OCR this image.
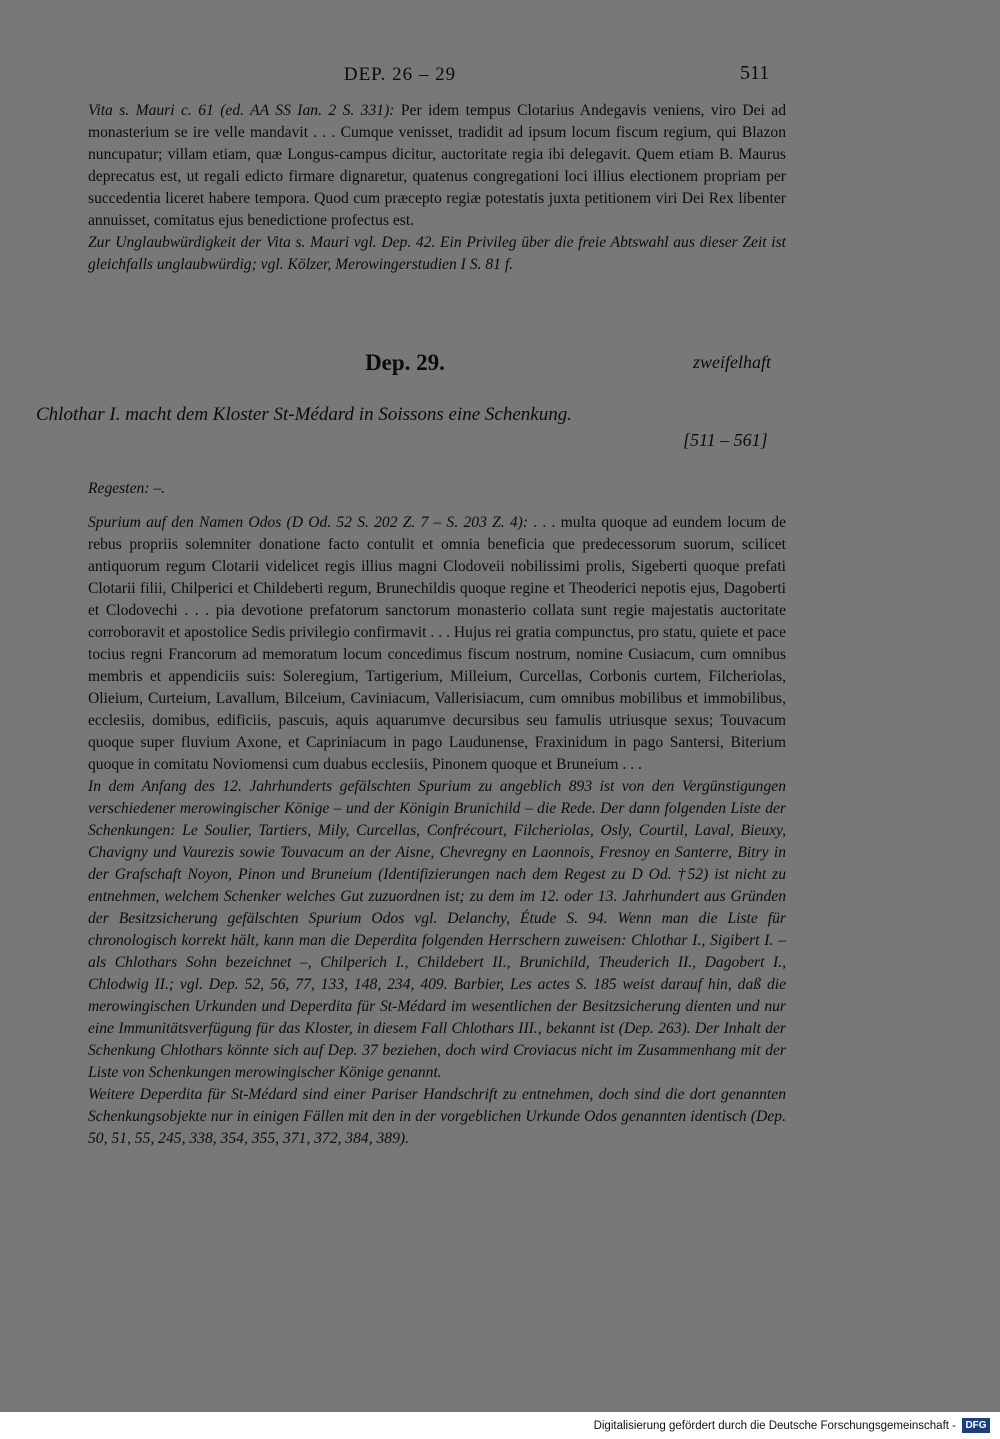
DEP. 26 – 29	511

Vita s. Mauri c. 61 (ed. AA SS Ian. 2 S. 331): Per idem tempus Clotarius Andegavis veniens, viro Dei ad monasterium se ire velle mandavit . . . Cumque venisset, tradidit ad ipsum locum fiscum regium, qui Blazon nuncupatur; villam etiam, quæ Longus-campus dicitur, auctoritate regia ibi delegavit. Quem etiam B. Maurus deprecatus est, ut regali edicto firmare dignaretur, quatenus congregationi loci illius electionem propriam per succedentia liceret habere tempora. Quod cum præcepto regiæ potestatis juxta petitionem viri Dei Rex libenter annuisset, comitatus ejus benedictione profectus est.

Zur Unglaubwürdigkeit der Vita s. Mauri vgl. Dep. 42. Ein Privileg über die freie Abtswahl aus dieser Zeit ist gleichfalls unglaubwürdig; vgl. Kölzer, Merowingerstudien I S. 81 f.

Dep. 29.	zweifelhaft
Chlothar I. macht dem Kloster St-Médard in Soissons eine Schenkung.
[511 – 561]

Regesten: –.

Spurium auf den Namen Odos (D Od. 52 S. 202 Z. 7 – S. 203 Z. 4): . . . multa quoque ad eundem locum de rebus propriis solemniter donatione facto contulit et omnia beneficia que predecessorum suorum, scilicet antiquorum regum Clotarii videlicet regis illius magni Clodoveii nobilissimi prolis, Sigeberti quoque prefati Clotarii filii, Chilperici et Childeberti regum, Brunechildis quoque regine et Theoderici nepotis ejus, Dagoberti et Clodovechi . . . pia devotione prefatorum sanctorum monasterio collata sunt regie majestatis auctoritate corroboravit et apostolice Sedis privilegio confirmavit . . . Hujus rei gratia compunctus, pro statu, quiete et pace tocius regni Francorum ad memoratum locum concedimus fiscum nostrum, nomine Cusiacum, cum omnibus membris et appendiciis suis: Soleregium, Tartigerium, Milleium, Curcellas, Corbonis curtem, Filcheriolas, Olieium, Curteium, Lavallum, Bilceium, Caviniacum, Vallerisiacum, cum omnibus mobilibus et immobilibus, ecclesiis, domibus, edificiis, pascuis, aquis aquarumve decursibus seu famulis utriusque sexus; Touvacum quoque super fluvium Axone, et Capriniacum in pago Laudunense, Fraxinidum in pago Santersi, Biterium quoque in comitatu Noviomensi cum duabus ecclesiis, Pinonem quoque et Bruneium . . .

In dem Anfang des 12. Jahrhunderts gefälschten Spurium zu angeblich 893 ist von den Vergünstigungen verschiedener merowingischer Könige – und der Königin Brunichild – die Rede. Der dann folgenden Liste der Schenkungen: Le Soulier, Tartiers, Mily, Curcellas, Confrécourt, Filcheriolas, Osly, Courtil, Laval, Bieuxy, Chavigny und Vaurezis sowie Touvacum an der Aisne, Chevregny en Laonnois, Fresnoy en Santerre, Bitry in der Grafschaft Noyon, Pinon und Bruneium (Identifizierungen nach dem Regest zu D Od. †52) ist nicht zu entnehmen, welchem Schenker welches Gut zuzuordnen ist; zu dem im 12. oder 13. Jahrhundert aus Gründen der Besitzsicherung gefälschten Spurium Odos vgl. Delanchy, Étude S. 94. Wenn man die Liste für chronologisch korrekt hält, kann man die Deperdita folgenden Herrschern zuweisen: Chlothar I., Sigibert I. – als Chlothars Sohn bezeichnet –, Chilperich I., Childebert II., Brunichild, Theuderich II., Dagobert I., Chlodwig II.; vgl. Dep. 52, 56, 77, 133, 148, 234, 409. Barbier, Les actes S. 185 weist darauf hin, daß die merowingischen Urkunden und Deperdita für St-Médard im wesentlichen der Besitzsicherung dienten und nur eine Immunitätsverfügung für das Kloster, in diesem Fall Chlothars III., bekannt ist (Dep. 263). Der Inhalt der Schenkung Chlothars könnte sich auf Dep. 37 beziehen, doch wird Croviacus nicht im Zusammenhang mit der Liste von Schenkungen merowingischer Könige genannt.

Weitere Deperdita für St-Médard sind einer Pariser Handschrift zu entnehmen, doch sind die dort genannten Schenkungsobjekte nur in einigen Fällen mit den in der vorgeblichen Urkunde Odos genannten identisch (Dep. 50, 51, 55, 245, 338, 354, 355, 371, 372, 384, 389).

Digitalisierung gefördert durch die Deutsche Forschungsgemeinschaft - DFG
